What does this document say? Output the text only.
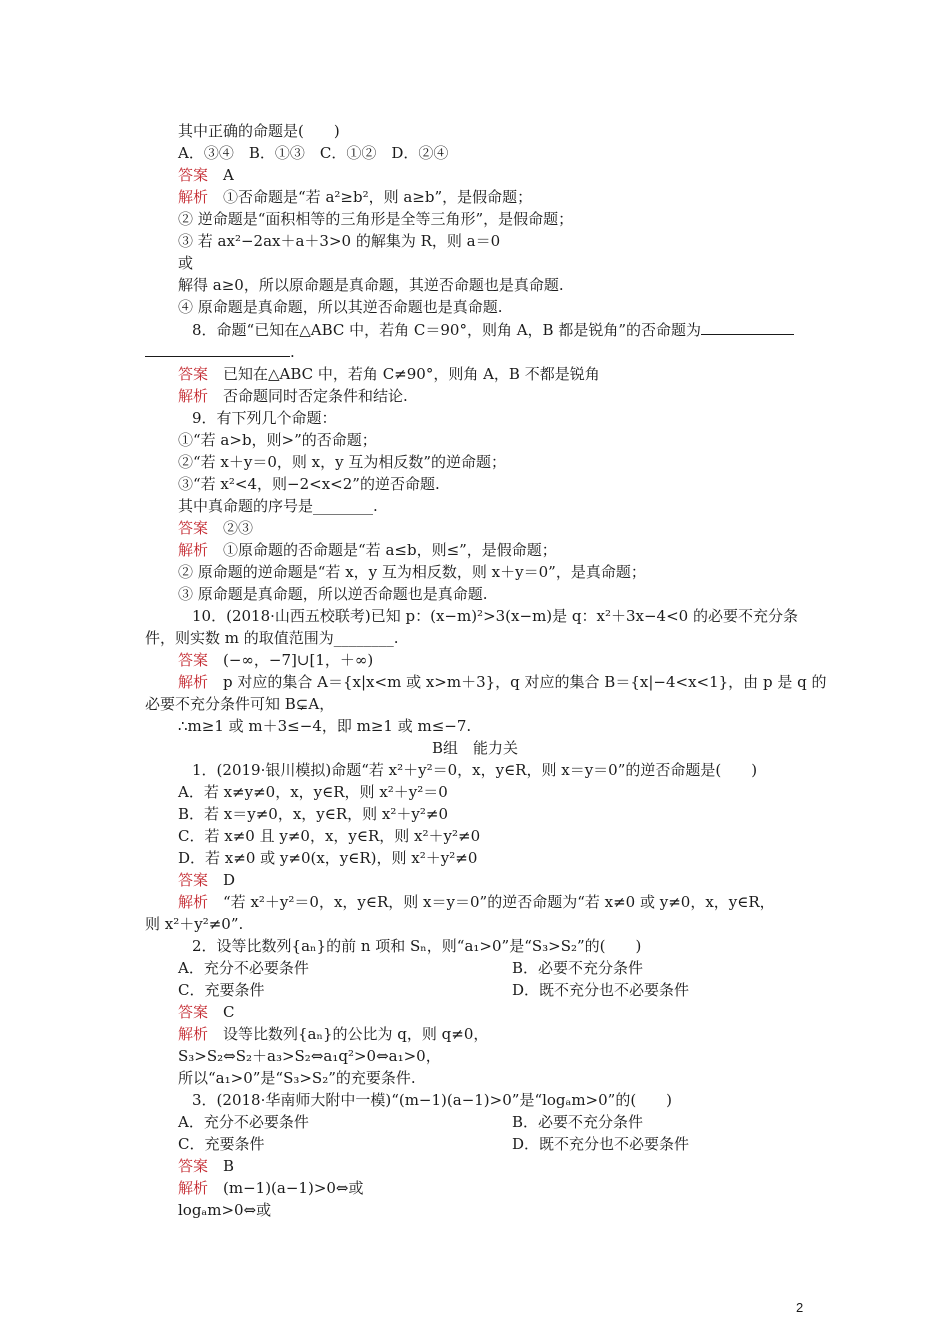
其中正确的命题是(　　)
A．③④　B．①③　C．①②　D．②④
答案　A
解析　①否命题是“若 a²≥b²，则 a≥b”，是假命题；
② 逆命题是“面积相等的三角形是全等三角形”，是假命题；
③ 若 ax²−2ax＋a＋3>0 的解集为 R，则 a＝0
或
解得 a≥0，所以原命题是真命题，其逆否命题也是真命题.
④ 原命题是真命题，所以其逆否命题也是真命题.
8．命题“已知在△ABC 中，若角 C＝90°，则角 A，B 都是锐角”的否命题为
.
答案　已知在△ABC 中，若角 C≠90°，则角 A，B 不都是锐角
解析　否命题同时否定条件和结论.
9．有下列几个命题：
①“若 a>b，则>”的否命题；
②“若 x＋y＝0，则 x，y 互为相反数”的逆命题；
③“若 x²<4，则−2<x<2”的逆否命题.
其中真命题的序号是________.
答案　②③
解析　①原命题的否命题是“若 a≤b，则≤”，是假命题；
② 原命题的逆命题是“若 x，y 互为相反数，则 x＋y＝0”，是真命题；
③ 原命题是真命题，所以逆否命题也是真命题.
10．(2018·山西五校联考)已知 p：(x−m)²>3(x−m)是 q：x²＋3x−4<0 的必要不充分条
件，则实数 m 的取值范围为________.
答案　(−∞，−7]∪[1，＋∞)
解析　p 对应的集合 A＝{x|x<m 或 x>m＋3}，q 对应的集合 B＝{x|−4<x<1}，由 p 是 q 的
必要不充分条件可知 B⊊A，
∴m≥1 或 m＋3≤−4，即 m≥1 或 m≤−7.
B组　能力关
1．(2019·银川模拟)命题“若 x²＋y²＝0，x，y∈R，则 x＝y＝0”的逆否命题是(　　)
A．若 x≠y≠0，x，y∈R，则 x²＋y²＝0
B．若 x＝y≠0，x，y∈R，则 x²＋y²≠0
C．若 x≠0 且 y≠0，x，y∈R，则 x²＋y²≠0
D．若 x≠0 或 y≠0(x，y∈R)，则 x²＋y²≠0
答案　D
解析　“若 x²＋y²＝0，x，y∈R，则 x＝y＝0”的逆否命题为“若 x≠0 或 y≠0，x，y∈R，
则 x²＋y²≠0”.
2．设等比数列{aₙ}的前 n 项和 Sₙ，则“a₁>0”是“S₃>S₂”的(　　)
A．充分不必要条件	B．必要不充分条件
C．充要条件	D．既不充分也不必要条件
答案　C
解析　设等比数列{aₙ}的公比为 q，则 q≠0，
S₃>S₂⇔S₂＋a₃>S₂⇔a₁q²>0⇔a₁>0，
所以“a₁>0”是“S₃>S₂”的充要条件.
3．(2018·华南师大附中一模)“(m−1)(a−1)>0”是“logₐm>0”的(　　)
A．充分不必要条件	B．必要不充分条件
C．充要条件	D．既不充分也不必要条件
答案　B
解析　(m−1)(a−1)>0⇔或
logₐm>0⇔或
2
